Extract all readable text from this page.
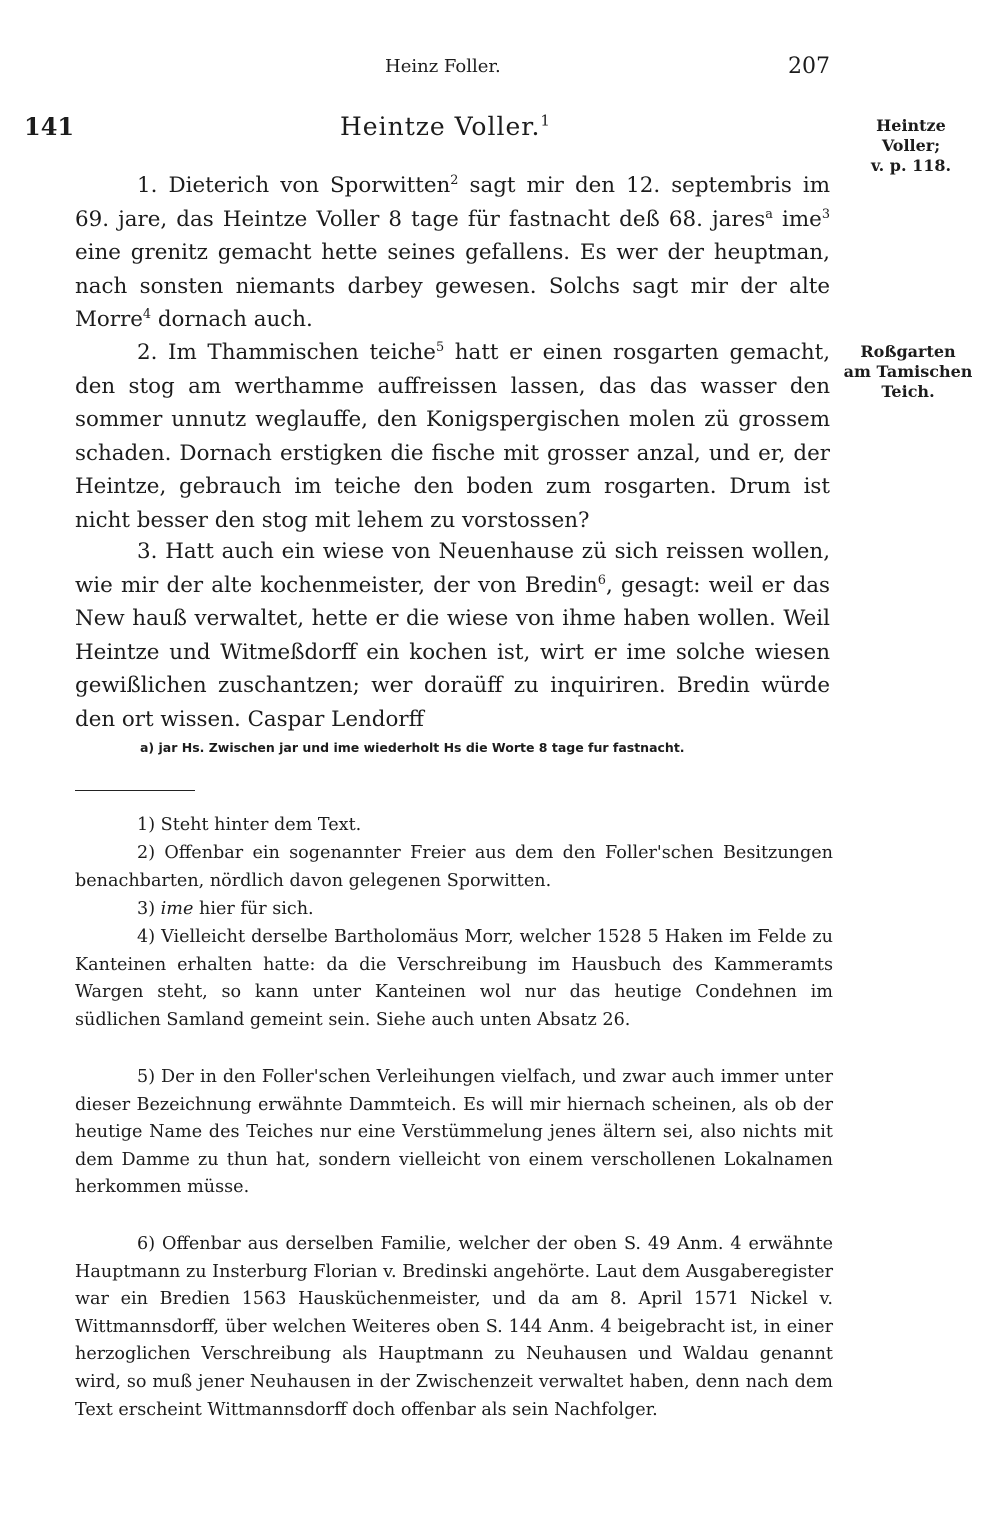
Heinz Foller.	207
141	Heintze Voller.$^1$	Heintze
Voller;
v. p. 118.
Roßgarten
am Tamischen
Teich.

1. Dieterich von Sporwitten$^2$ sagt mir den 12. septembris im 69. jare, das Heintze Voller 8 tage für fastnacht deß 68. jares$^a$ ime$^3$ eine grenitz gemacht hette seines gefallens. Es wer der heuptman, nach sonsten niemants darbey gewesen. Solchs sagt mir der alte Morre$^4$ dornach auch.

2. Im Thammischen teiche$^5$ hatt er einen rosgarten gemacht, den stog am werthamme auffreissen lassen, das das wasser den sommer unnutz weglauffe, den Konigspergischen molen zü grossem schaden. Dornach erstigken die fische mit grosser anzal, und er, der Heintze, gebrauch im teiche den boden zum rosgarten. Drum ist nicht besser den stog mit lehem zu vorstossen?

3. Hatt auch ein wiese von Neuenhause zü sich reissen wollen, wie mir der alte kochenmeister, der von Bredin$^6$, gesagt: weil er das New hauß verwaltet, hette er die wiese von ihme haben wollen. Weil Heintze und Witmeßdorff ein kochen ist, wirt er ime solche wiesen gewißlichen zuschantzen; wer doraüff zu inquiriren. Bredin würde den ort wissen. Caspar Lendorff

a) jar Hs. Zwischen jar und ime wiederholt Hs die Worte 8 tage fur fastnacht.

1) Steht hinter dem Text.

2) Offenbar ein sogenannter Freier aus dem den Foller'schen Besitzungen benachbarten, nördlich davon gelegenen Sporwitten.

3) ime hier für sich.

4) Vielleicht derselbe Bartholomäus Morr, welcher 1528 5 Haken im Felde zu Kanteinen erhalten hatte: da die Verschreibung im Hausbuch des Kammeramts Wargen steht, so kann unter Kanteinen wol nur das heutige Condehnen im südlichen Samland gemeint sein. Siehe auch unten Absatz 26.

5) Der in den Foller'schen Verleihungen vielfach, und zwar auch immer unter dieser Bezeichnung erwähnte Dammteich. Es will mir hiernach scheinen, als ob der heutige Name des Teiches nur eine Verstümmelung jenes ältern sei, also nichts mit dem Damme zu thun hat, sondern vielleicht von einem verschollenen Lokalnamen herkommen müsse.

6) Offenbar aus derselben Familie, welcher der oben S. 49 Anm. 4 erwähnte Hauptmann zu Insterburg Florian v. Bredinski angehörte. Laut dem Ausgaberegister war ein Bredien 1563 Hausküchenmeister, und da am 8. April 1571 Nickel v. Wittmannsdorff, über welchen Weiteres oben S. 144 Anm. 4 beigebracht ist, in einer herzoglichen Verschreibung als Hauptmann zu Neuhausen und Waldau genannt wird, so muß jener Neuhausen in der Zwischenzeit verwaltet haben, denn nach dem Text erscheint Wittmannsdorff doch offenbar als sein Nachfolger.
